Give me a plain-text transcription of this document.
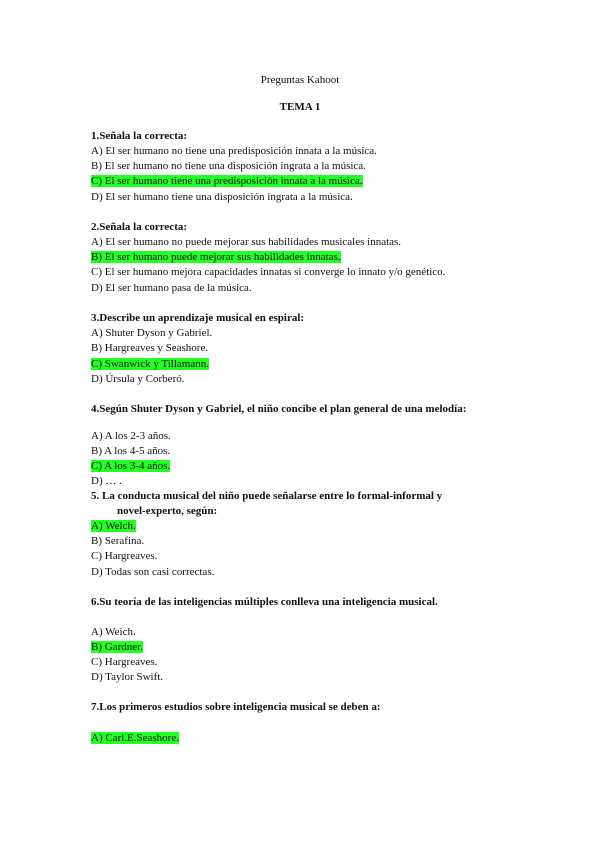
Preguntas Kahoot
TEMA 1
1.Señala la correcta:
A) El ser humano no tiene una predisposición innata a la música.
B) El ser humano no tiene una disposición ingrata a la música.
C) El ser humano tiene una predisposición innata a la música.
D) El ser humano tiene una disposición ingrata a la música.
2.Señala la correcta:
A) El ser humano no puede mejorar sus habilidades musicales innatas.
B) El ser humano puede mejorar sus habilidades innatas.
C) El ser humano mejora capacidades innatas si converge lo innato y/o genético.
D) El ser humano pasa de la música.
3.Describe un aprendizaje musical en espiral:
A) Shuter Dyson y Gabriel.
B) Hargreaves y Seashore.
C) Swanwick y Tillamann.
D) Úrsula y Corberó.
4.Según Shuter Dyson y Gabriel, el niño concibe el plan general de una melodía:
A) A los 2-3 años.
B) A los 4-5 años.
C) A los 3-4 años.
D) … .
5. La conducta musical del niño puede señalarse entre lo formal-informal y
novel-experto, según:
A) Welch.
B) Serafina.
C) Hargreaves.
D) Todas son casi correctas.
6.Su teoría de las inteligencias múltiples conlleva una inteligencia musical.
A) Weich.
B) Gardner.
C) Hargreaves.
D) Taylor Swift.
7.Los primeros estudios sobre inteligencia musical se deben a:
A) Carl.E.Seashore.
